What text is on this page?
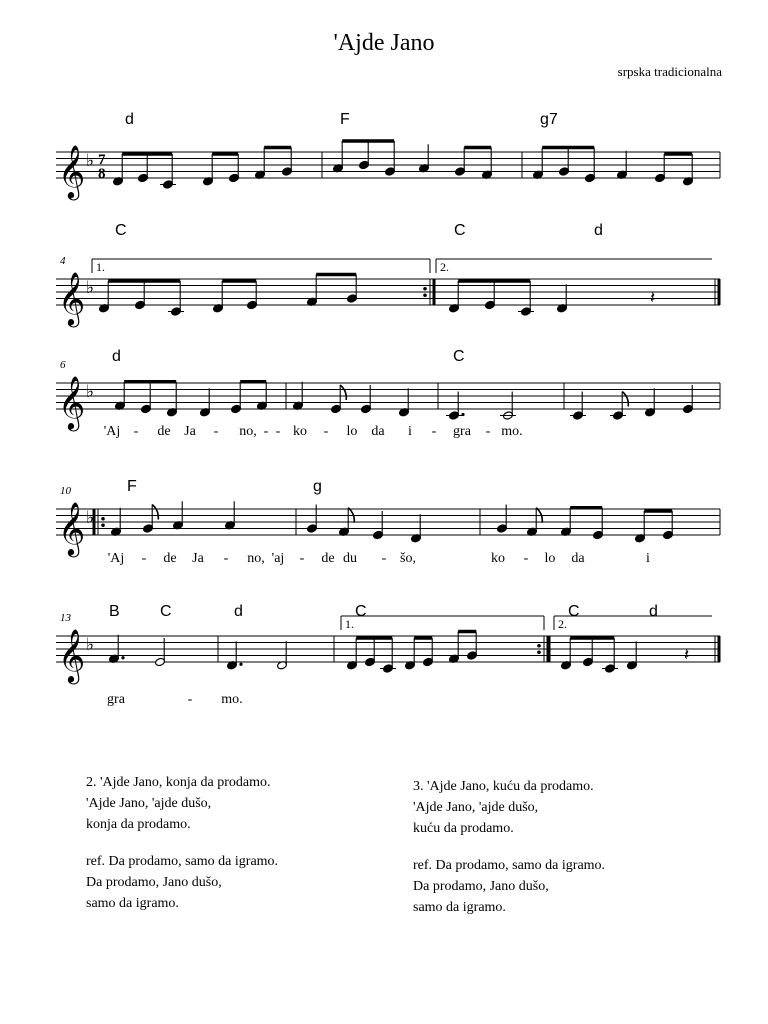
'Ajde Jano
srpska tradicionalna
𝄞 ♭ 7
8
d	F	g7
𝄞 ♭
4
C	C	d
1.	2.
𝄽
𝄞 ♭
6	d	C
'Aj - de Ja - no, - - ko - lo da i - gra - mo.
𝄞 ♭
10	F	g
'Aj - de Ja - no, 'aj - de du - šo,	ko - lo da	i
𝄞 ♭
13 B	C	d	C	C	d
1.	2.
𝄽
gra	- mo.
2. 'Ajde Jano, konja da prodamo.
'Ajde Jano, 'ajde dušo,
konja da prodamo.
ref. Da prodamo, samo da igramo.
Da prodamo, Jano dušo,
samo da igramo.
3. 'Ajde Jano, kuću da prodamo.
'Ajde Jano, 'ajde dušo,
kuću da prodamo.
ref. Da prodamo, samo da igramo.
Da prodamo, Jano dušo,
samo da igramo.
